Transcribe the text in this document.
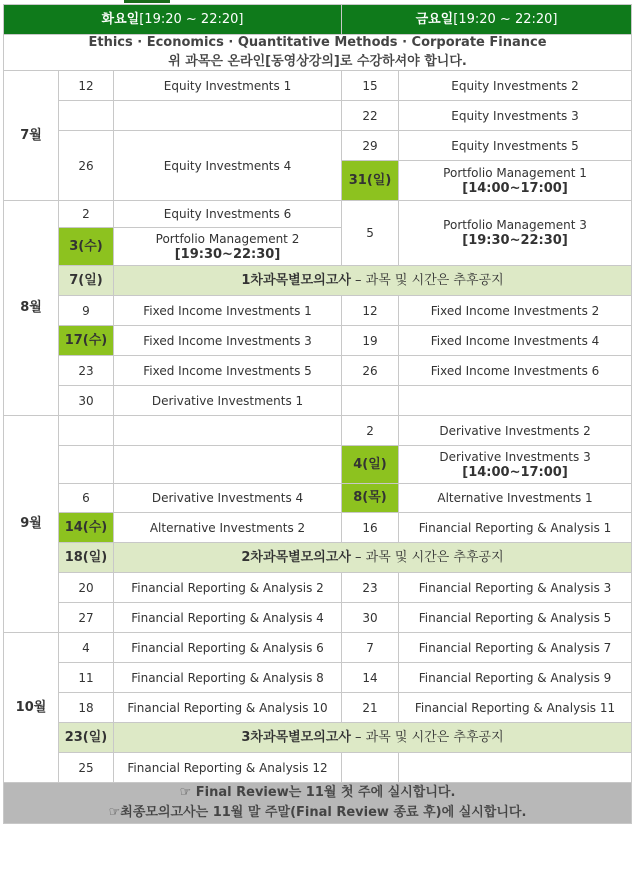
화요일[19:20 ~ 22:20]			금요일[19:20 ~ 22:20]	

Ethics · Economics · Quantitative Methods · Corporate Finance
위 과목은 온라인[동영상강의]로 수강하셔야 합니다.				

7월	12	Equity Investments 1	15	Equity Investments 2
			22	Equity Investments 3
	26	Equity Investments 4	29	Equity Investments 5
			31(일)	Portfolio Management 1
[14:00~17:00]

8월	2	Equity Investments 6	5	Portfolio Management 3
[19:30~22:30]

	3(수)	Portfolio Management 2
[19:30~22:30]		

	7(일)	1차과목별모의고사 – 과목 및 시간은 추후공지		
	9	Fixed Income Investments 1	12	Fixed Income Investments 2
	17(수)	Fixed Income Investments 3	19	Fixed Income Investments 4
	23	Fixed Income Investments 5	26	Fixed Income Investments 6
	30	Derivative Investments 1		
9월			2	Derivative Investments 2
			4(일)	Derivative Investments 3
[14:00~17:00]

	6	Derivative Investments 4	8(목)	Alternative Investments 1
	14(수)	Alternative Investments 2	16	Financial Reporting & Analysis 1
	18(일)	2차과목별모의고사 – 과목 및 시간은 추후공지		
	20	Financial Reporting & Analysis 2	23	Financial Reporting & Analysis 3
	27	Financial Reporting & Analysis 4	30	Financial Reporting & Analysis 5
10월	4	Financial Reporting & Analysis 6	7	Financial Reporting & Analysis 7
	11	Financial Reporting & Analysis 8	14	Financial Reporting & Analysis 9
	18	Financial Reporting & Analysis 10	21	Financial Reporting & Analysis 11
	23(일)	3차과목별모의고사 – 과목 및 시간은 추후공지		
	25	Financial Reporting & Analysis 12		

☞ Final Review는 11월 첫 주에 실시합니다.
☞최종모의고사는 11월 말 주말(Final Review 종료 후)에 실시합니다.				
